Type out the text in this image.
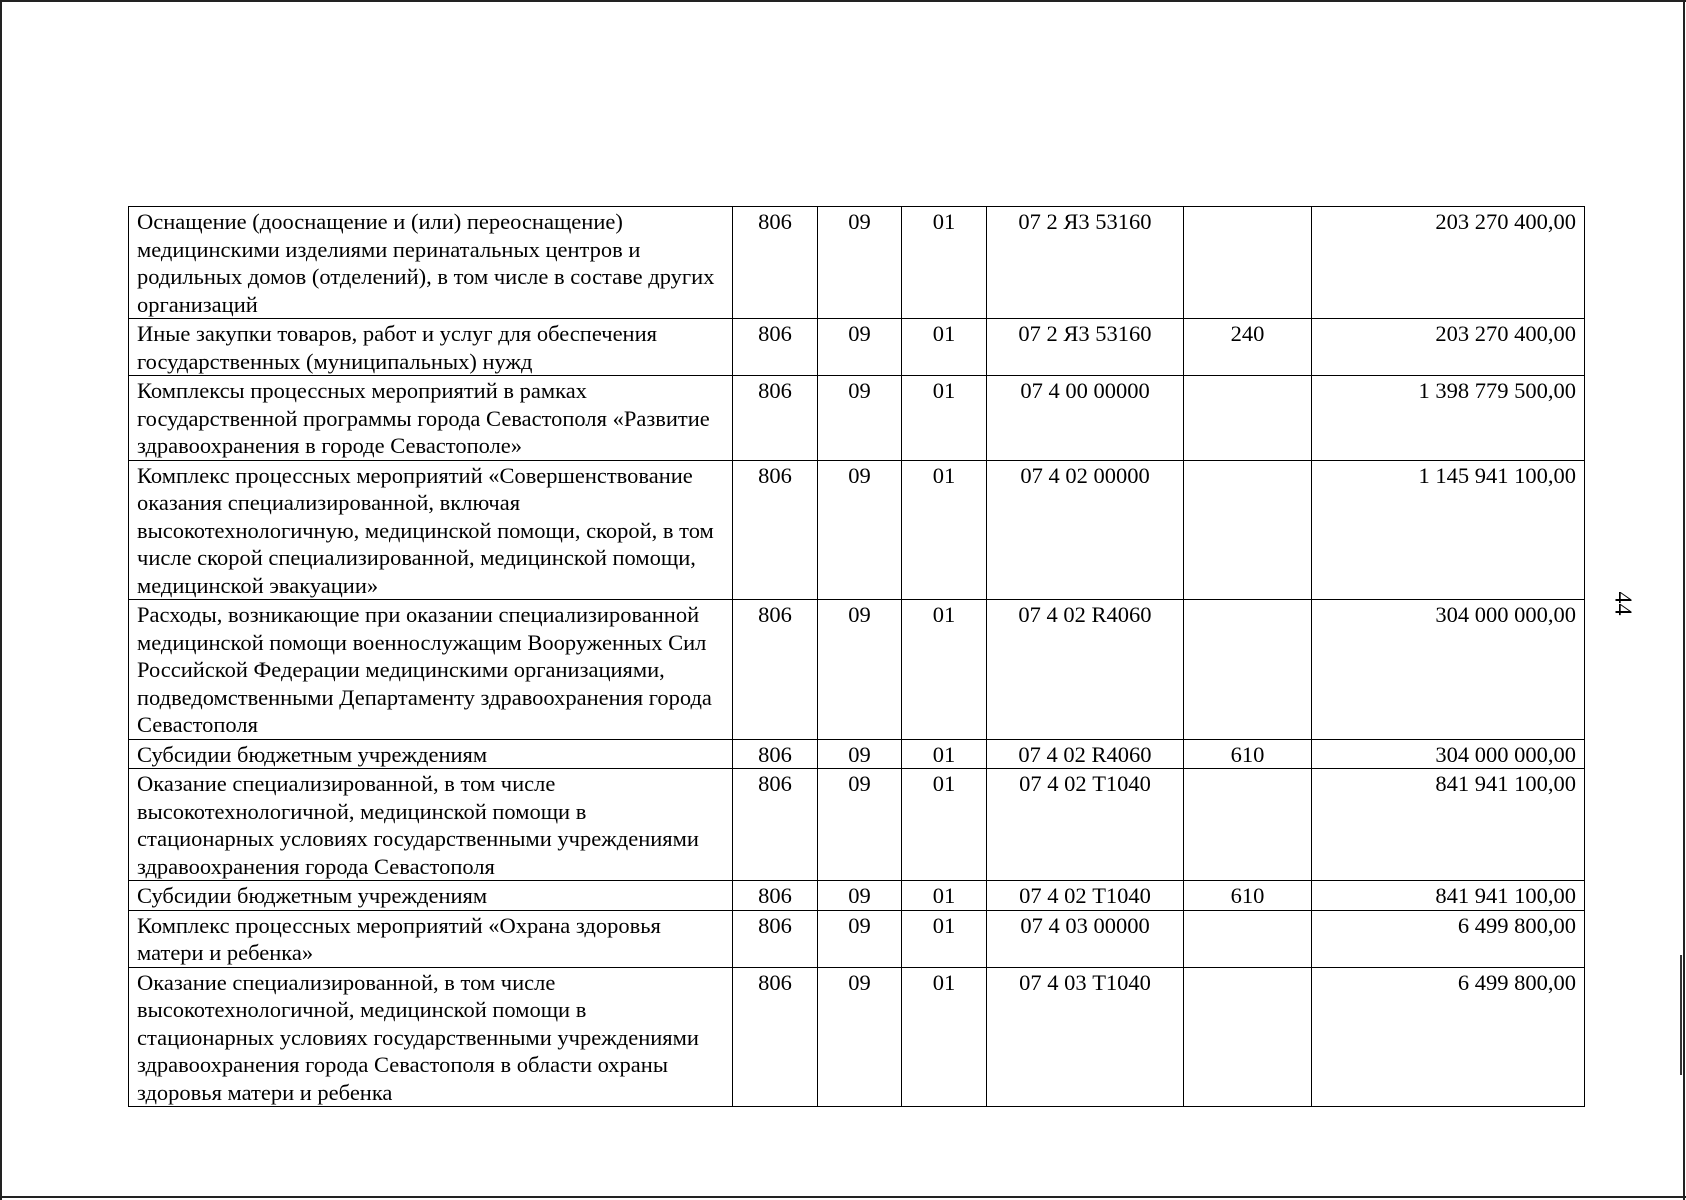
44
Оснащение (дооснащение и (или) переоснащение) медицинскими изделиями перинатальных центров и родильных домов (отделений), в том числе в составе других организаций	806	09	01	07 2 Я3 53160		203 270 400,00
Иные закупки товаров, работ и услуг для обеспечения государственных (муниципальных) нужд	806	09	01	07 2 Я3 53160	240	203 270 400,00
Комплексы процессных мероприятий в рамках государственной программы города Севастополя «Развитие здравоохранения в городе Севастополе»	806	09	01	07 4 00 00000		1 398 779 500,00
Комплекс процессных мероприятий «Совершенствование оказания специализированной, включая высокотехнологичную, медицинской помощи, скорой, в том числе скорой специализированной, медицинской помощи, медицинской эвакуации»	806	09	01	07 4 02 00000		1 145 941 100,00
Расходы, возникающие при оказании специализированной медицинской помощи военнослужащим Вооруженных Сил Российской Федерации медицинскими организациями, подведомственными Департаменту здравоохранения города Севастополя	806	09	01	07 4 02 R4060		304 000 000,00
Субсидии бюджетным учреждениям	806	09	01	07 4 02 R4060	610	304 000 000,00
Оказание специализированной, в том числе высокотехнологичной, медицинской помощи в стационарных условиях государственными учреждениями здравоохранения города Севастополя	806	09	01	07 4 02 Т1040		841 941 100,00
Субсидии бюджетным учреждениям	806	09	01	07 4 02 Т1040	610	841 941 100,00
Комплекс процессных мероприятий «Охрана здоровья матери и ребенка»	806	09	01	07 4 03 00000		6 499 800,00
Оказание специализированной, в том числе высокотехнологичной, медицинской помощи в стационарных условиях государственными учреждениями здравоохранения города Севастополя в области охраны здоровья матери и ребенка	806	09	01	07 4 03 Т1040		6 499 800,00
